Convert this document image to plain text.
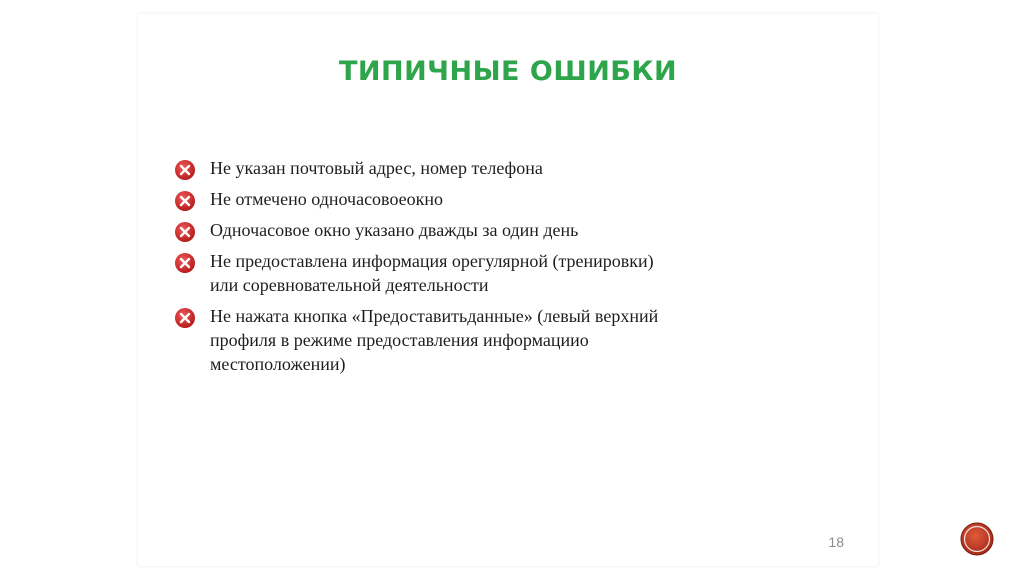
ТИПИЧНЫЕ ОШИБКИ
Не указан почтовый адрес, номер телефона
Не отмечено одночасовоеокно
Одночасовое окно указано дважды за один день
Не предоставлена информация орегулярной (тренировки) или соревновательной деятельности
Не нажата кнопка «Предоставитьданные» (левый верхний профиля в режиме предоставления информациио местоположении)
18
